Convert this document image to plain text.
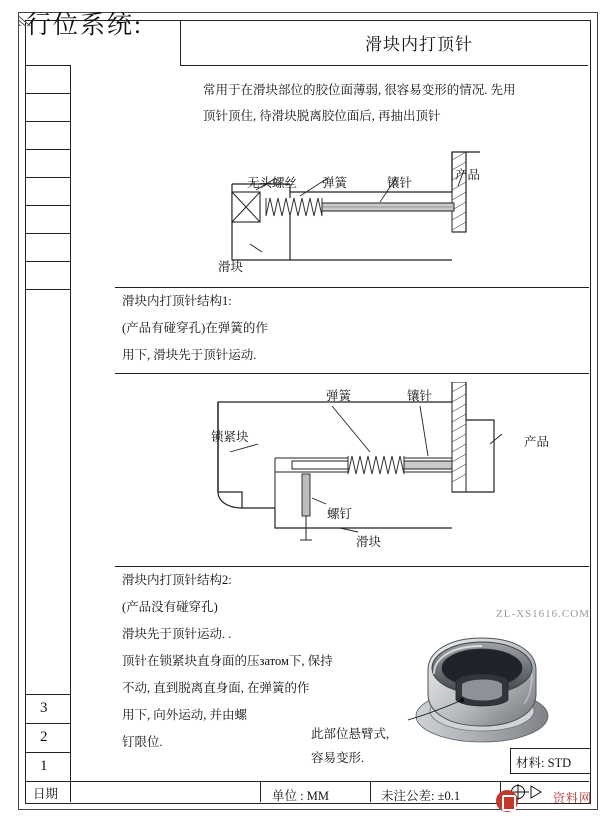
行位系统:
滑块内打顶针
3
2
1
日期
常用于在滑块部位的胶位面薄弱, 很容易变形的情况. 先用
顶针顶住, 待滑块脱离胶位面后, 再抽出顶针
无头螺丝 弹簧	镶针
产品
滑块
滑块内打顶针结构1:
(产品有碰穿孔)在弹簧的作
用下, 滑块先于顶针运动.
弹簧	镶针
锁紧块	产品
螺钉
滑块
滑块内打顶针结构2:
(产品没有碰穿孔)
滑块先于顶针运动. .
顶针在锁紧块直身面的压затом下, 保持
不动, 直到脱离直身面, 在弹簧的作
用下, 向外运动, 并由螺
钉限位.
此部位悬臂式,
容易变形.	材料: STD
单位 : MM	未注公差: ±0.1
ZL-XS1616.COM
资料网
